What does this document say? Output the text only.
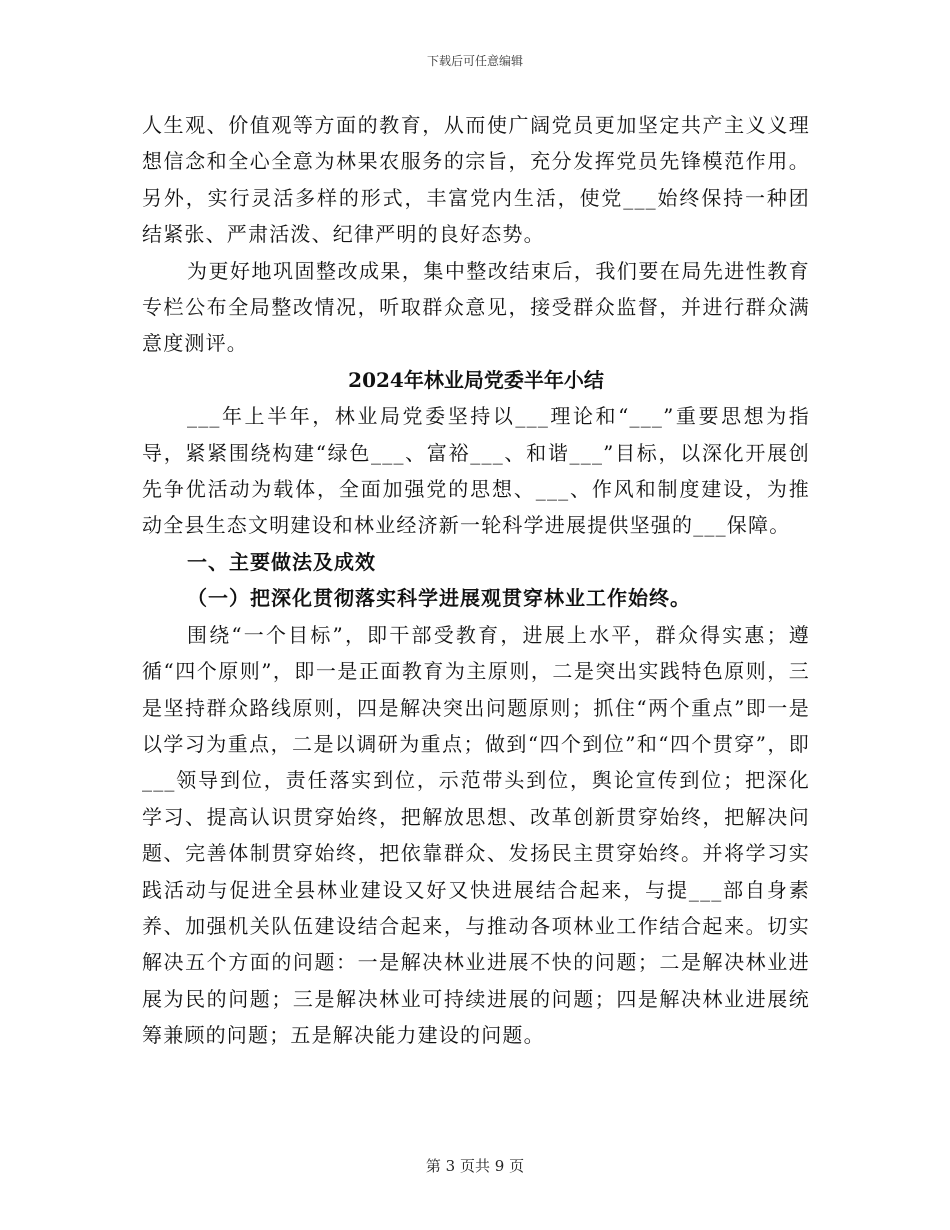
下载后可任意编辑

人生观、价值观等方面的教育，从而使广阔党员更加坚定共产主义义理想信念和全心全意为林果农服务的宗旨，充分发挥党员先锋模范作用。另外，实行灵活多样的形式，丰富党内生活，使党___始终保持一种团结紧张、严肃活泼、纪律严明的良好态势。

为更好地巩固整改成果，集中整改结束后，我们要在局先进性教育专栏公布全局整改情况，听取群众意见，接受群众监督，并进行群众满意度测评。

2024年林业局党委半年小结

___年上半年，林业局党委坚持以___理论和“___”重要思想为指导，紧紧围绕构建“绿色___、富裕___、和谐___”目标，以深化开展创先争优活动为载体，全面加强党的思想、___、作风和制度建设，为推动全县生态文明建设和林业经济新一轮科学进展提供坚强的___保障。

一、主要做法及成效

（一）把深化贯彻落实科学进展观贯穿林业工作始终。

围绕“一个目标”，即干部受教育，进展上水平，群众得实惠；遵循“四个原则”，即一是正面教育为主原则，二是突出实践特色原则，三是坚持群众路线原则，四是解决突出问题原则；抓住“两个重点”即一是以学习为重点，二是以调研为重点；做到“四个到位”和“四个贯穿”，即___领导到位，责任落实到位，示范带头到位，舆论宣传到位；把深化学习、提高认识贯穿始终，把解放思想、改革创新贯穿始终，把解决问题、完善体制贯穿始终，把依靠群众、发扬民主贯穿始终。并将学习实践活动与促进全县林业建设又好又快进展结合起来，与提___部自身素养、加强机关队伍建设结合起来，与推动各项林业工作结合起来。切实解决五个方面的问题：一是解决林业进展不快的问题；二是解决林业进展为民的问题；三是解决林业可持续进展的问题；四是解决林业进展统筹兼顾的问题；五是解决能力建设的问题。

第 3 页共 9 页
